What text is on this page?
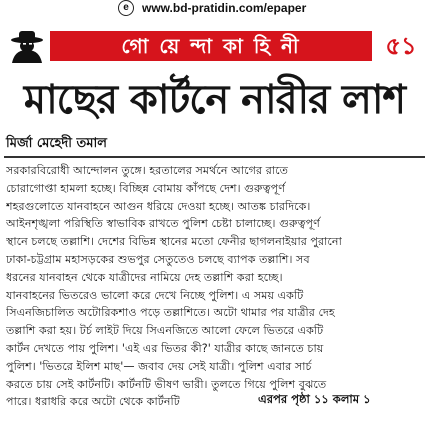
e	www.bd-pratidin.com/epaper
গো য়ে ন্দা কা হি নী	৫১
মাছের কার্টনে নারীর লাশ
মির্জা মেহেদী তমাল
সরকারবিরোধী আন্দোলন তুঙ্গে। হরতালের সমর্থনে আগের রাতে
চোরাগোপ্তা হামলা হচ্ছে। বিচ্ছিন্ন বোমায় কাঁপছে দেশ। গুরুত্বপূর্ণ
শহরগুলোতে যানবাহনে আগুন ধরিয়ে দেওয়া হচ্ছে। আতঙ্ক চারদিকে।
আইনশৃঙ্খলা পরিস্থিতি স্বাভাবিক রাখতে পুলিশ চেষ্টা চালাচ্ছে। গুরুত্বপূর্ণ
স্থানে চলছে তল্লাশি। দেশের বিভিন্ন স্থানের মতো ফেনীর ছাগলনাইয়ার পুরানো
ঢাকা-চট্টগ্রাম মহাসড়কের শুভপুর সেতুতেও চলছে ব্যাপক তল্লাশি। সব
ধরনের যানবাহন থেকে যাত্রীদের নামিয়ে দেহ তল্লাশি করা হচ্ছে।
যানবাহনের ভিতরেও ভালো করে দেখে নিচ্ছে পুলিশ। এ সময় একটি
সিএনজিচালিত অটোরিকশাও পড়ে তল্লাশিতে। অটো থামার পর যাত্রীর দেহ
তল্লাশি করা হয়। টর্চ লাইট দিয়ে সিএনজিতে আলো ফেলে ভিতরে একটি
কার্টন দেখতে পায় পুলিশ। 'এই এর ভিতর কী?' যাত্রীর কাছে জানতে চায়
পুলিশ। 'ভিতরে ইলিশ মাছ'— জবাব দেয় সেই যাত্রী। পুলিশ এবার সার্চ
করতে চায় সেই কার্টনটি। কার্টনটি ভীষণ ভারী। তুলতে গিয়ে পুলিশ বুঝতে
পারে। ধরাধরি করে অটো থেকে কার্টনটি	এরপর পৃষ্ঠা ১১ কলাম ১
